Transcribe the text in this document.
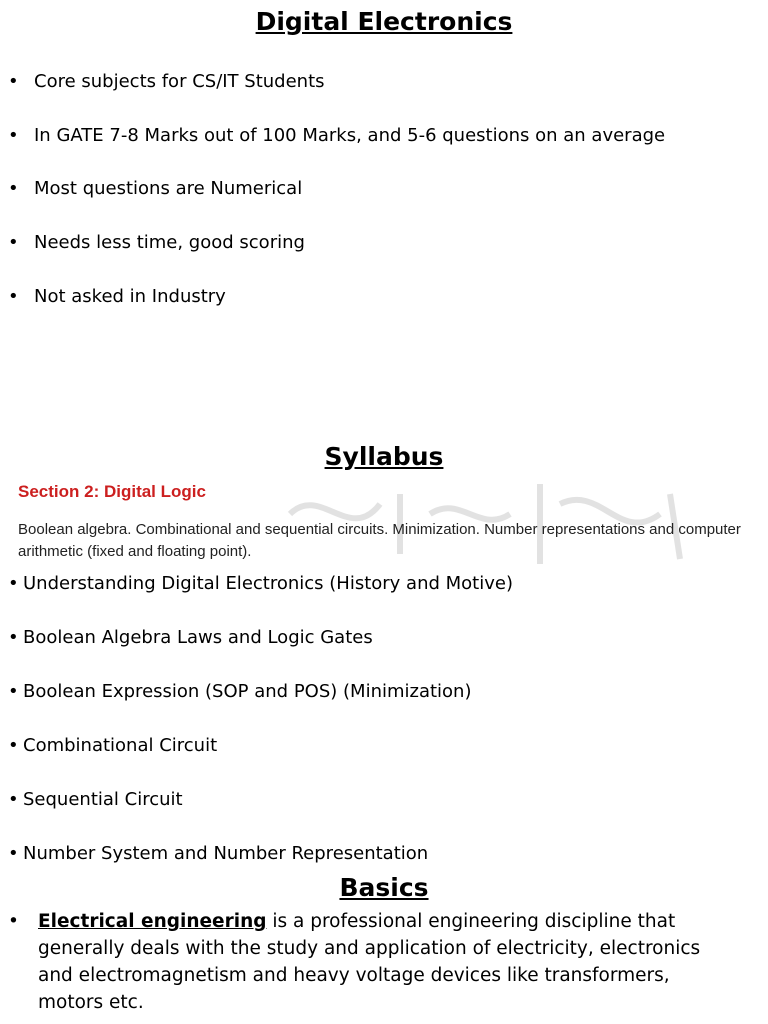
Digital Electronics
• Core subjects for CS/IT Students
• In GATE 7-8 Marks out of 100 Marks, and 5-6 questions on an average
• Most questions are Numerical
• Needs less time, good scoring
• Not asked in Industry
Syllabus
Section 2: Digital Logic
Boolean algebra. Combinational and sequential circuits. Minimization. Number representations and computer arithmetic (fixed and floating point).
• Understanding Digital Electronics (History and Motive)
• Boolean Algebra Laws and Logic Gates
• Boolean Expression (SOP and POS) (Minimization)
• Combinational Circuit
• Sequential Circuit
• Number System and Number Representation
Basics
• Electrical engineering is a professional engineering discipline that generally deals with the study and application of electricity, electronics and electromagnetism and heavy voltage devices like transformers, motors etc.
